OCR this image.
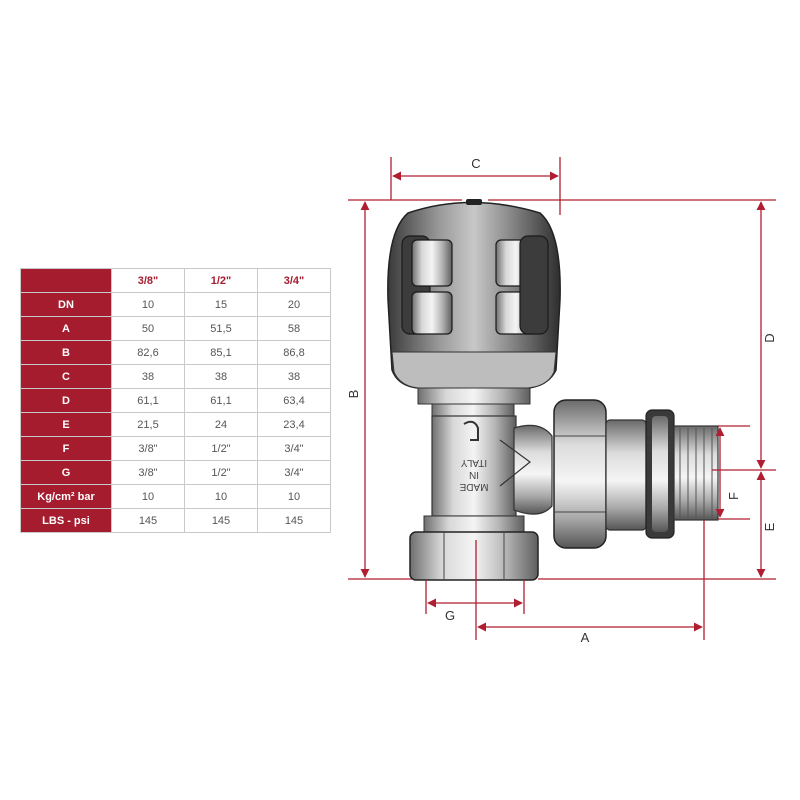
	3/8"	1/2"	3/4"
DN	10	15	20
A	50	51,5	58
B	82,6	85,1	86,8
C	38	38	38
D	61,1	61,1	63,4
E	21,5	24	23,4
F	3/8"	1/2"	3/4"
G	3/8"	1/2"	3/4"
Kg/cm² bar	10	10	10
LBS - psi	145	145	145
MADE
IN
ITALY
C
B
D
E
F
A
G
